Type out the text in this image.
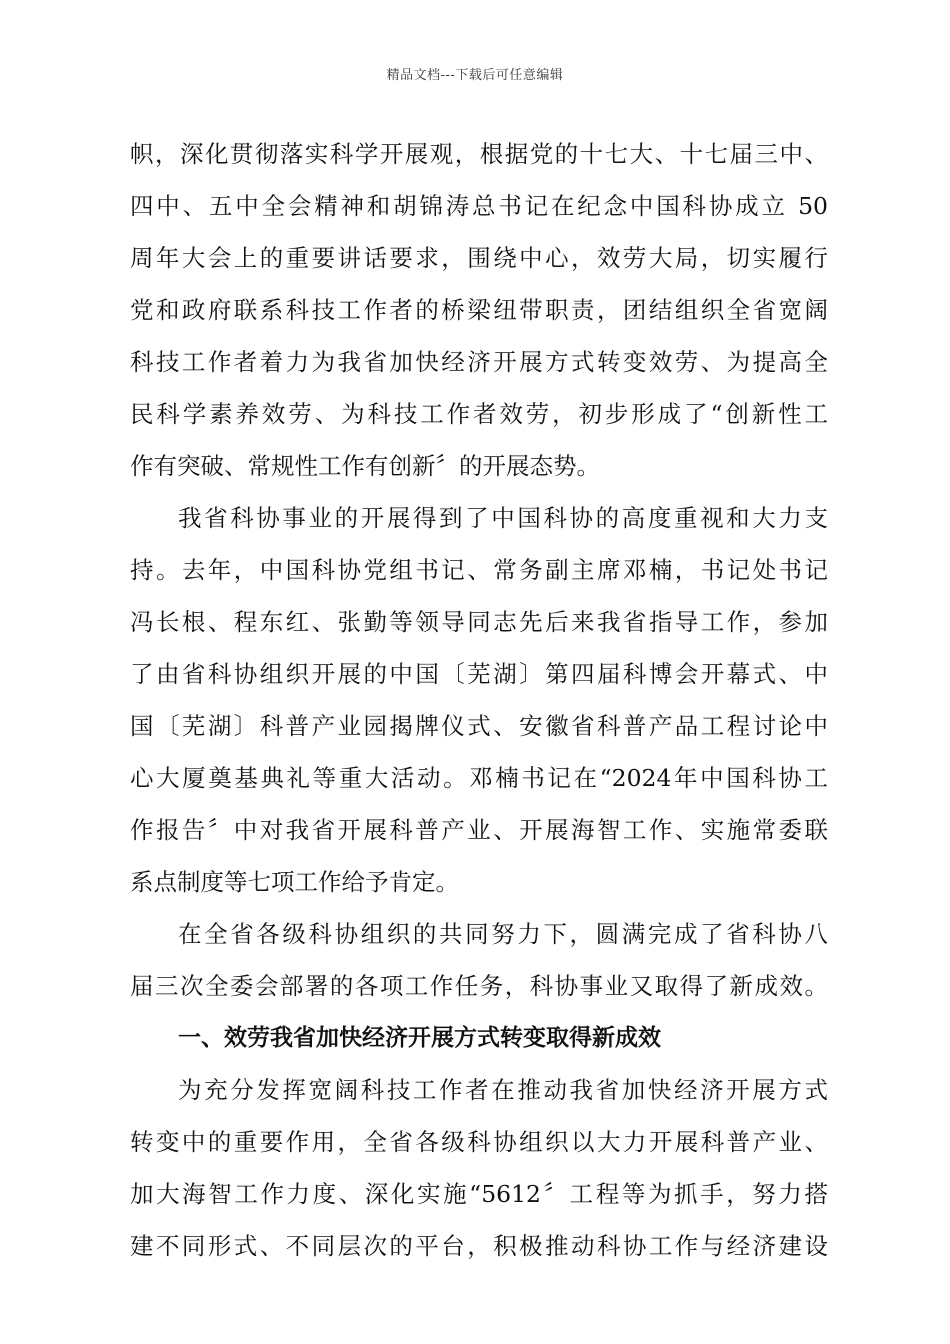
精品文档---下载后可任意编辑
帜，深化贯彻落实科学开展观，根据党的十七大、十七届三中、
四中、五中全会精神和胡锦涛总书记在纪念中国科协成立 50
周年大会上的重要讲话要求，围绕中心，效劳大局，切实履行
党和政府联系科技工作者的桥梁纽带职责，团结组织全省宽阔
科技工作者着力为我省加快经济开展方式转变效劳、为提高全
民科学素养效劳、为科技工作者效劳，初步形成了“创新性工
作有突破、常规性工作有创新〞的开展态势。
我省科协事业的开展得到了中国科协的高度重视和大力支
持。去年，中国科协党组书记、常务副主席邓楠，书记处书记
冯长根、程东红、张勤等领导同志先后来我省指导工作，参加
了由省科协组织开展的中国〔芜湖〕第四届科博会开幕式、中
国〔芜湖〕科普产业园揭牌仪式、安徽省科普产品工程讨论中
心大厦奠基典礼等重大活动。邓楠书记在“2024年中国科协工
作报告〞中对我省开展科普产业、开展海智工作、实施常委联
系点制度等七项工作给予肯定。
在全省各级科协组织的共同努力下，圆满完成了省科协八
届三次全委会部署的各项工作任务，科协事业又取得了新成效。
一、效劳我省加快经济开展方式转变取得新成效
为充分发挥宽阔科技工作者在推动我省加快经济开展方式
转变中的重要作用，全省各级科协组织以大力开展科普产业、
加大海智工作力度、深化实施“5612〞工程等为抓手，努力搭
建不同形式、不同层次的平台，积极推动科协工作与经济建设
